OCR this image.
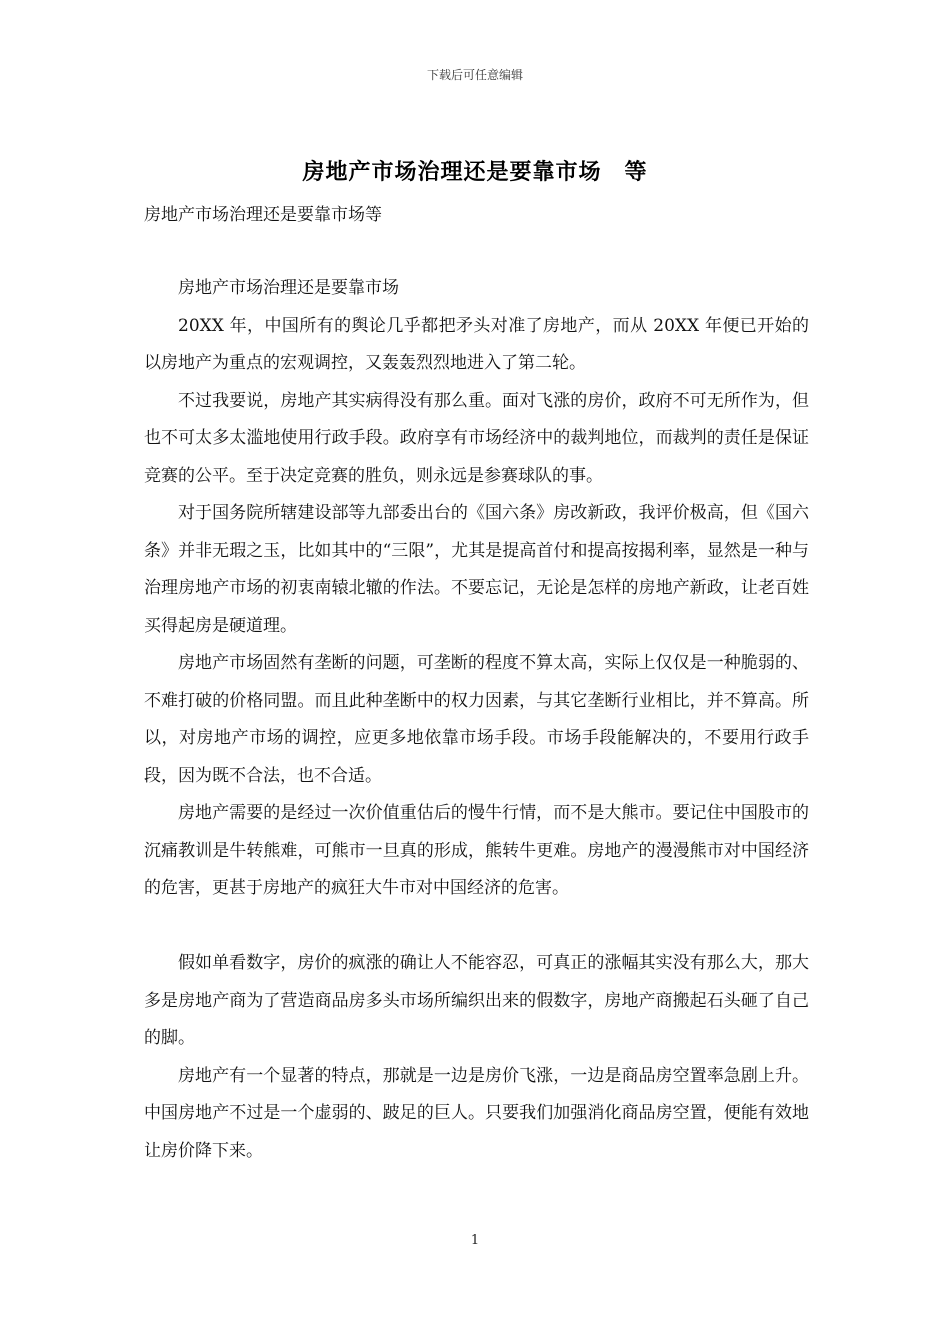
下载后可任意编辑
房地产市场治理还是要靠市场　等
房地产市场治理还是要靠市场等

房地产市场治理还是要靠市场

20XX 年，中国所有的舆论几乎都把矛头对准了房地产，而从 20XX 年便已开始的以房地产为重点的宏观调控，又轰轰烈烈地进入了第二轮。

不过我要说，房地产其实病得没有那么重。面对飞涨的房价，政府不可无所作为，但也不可太多太滥地使用行政手段。政府享有市场经济中的裁判地位，而裁判的责任是保证竞赛的公平。至于决定竞赛的胜负，则永远是参赛球队的事。

对于国务院所辖建设部等九部委出台的《国六条》房改新政，我评价极高，但《国六条》并非无瑕之玉，比如其中的“三限”，尤其是提高首付和提高按揭利率，显然是一种与治理房地产市场的初衷南辕北辙的作法。不要忘记，无论是怎样的房地产新政，让老百姓买得起房是硬道理。

房地产市场固然有垄断的问题，可垄断的程度不算太高，实际上仅仅是一种脆弱的、不难打破的价格同盟。而且此种垄断中的权力因素，与其它垄断行业相比，并不算高。所以，对房地产市场的调控，应更多地依靠市场手段。市场手段能解决的，不要用行政手段，因为既不合法，也不合适。

房地产需要的是经过一次价值重估后的慢牛行情，而不是大熊市。要记住中国股市的沉痛教训是牛转熊难，可熊市一旦真的形成，熊转牛更难。房地产的漫漫熊市对中国经济的危害，更甚于房地产的疯狂大牛市对中国经济的危害。

假如单看数字，房价的疯涨的确让人不能容忍，可真正的涨幅其实没有那么大，那大多是房地产商为了营造商品房多头市场所编织出来的假数字，房地产商搬起石头砸了自己的脚。

房地产有一个显著的特点，那就是一边是房价飞涨，一边是商品房空置率急剧上升。中国房地产不过是一个虚弱的、跛足的巨人。只要我们加强消化商品房空置，便能有效地让房价降下来。

1
